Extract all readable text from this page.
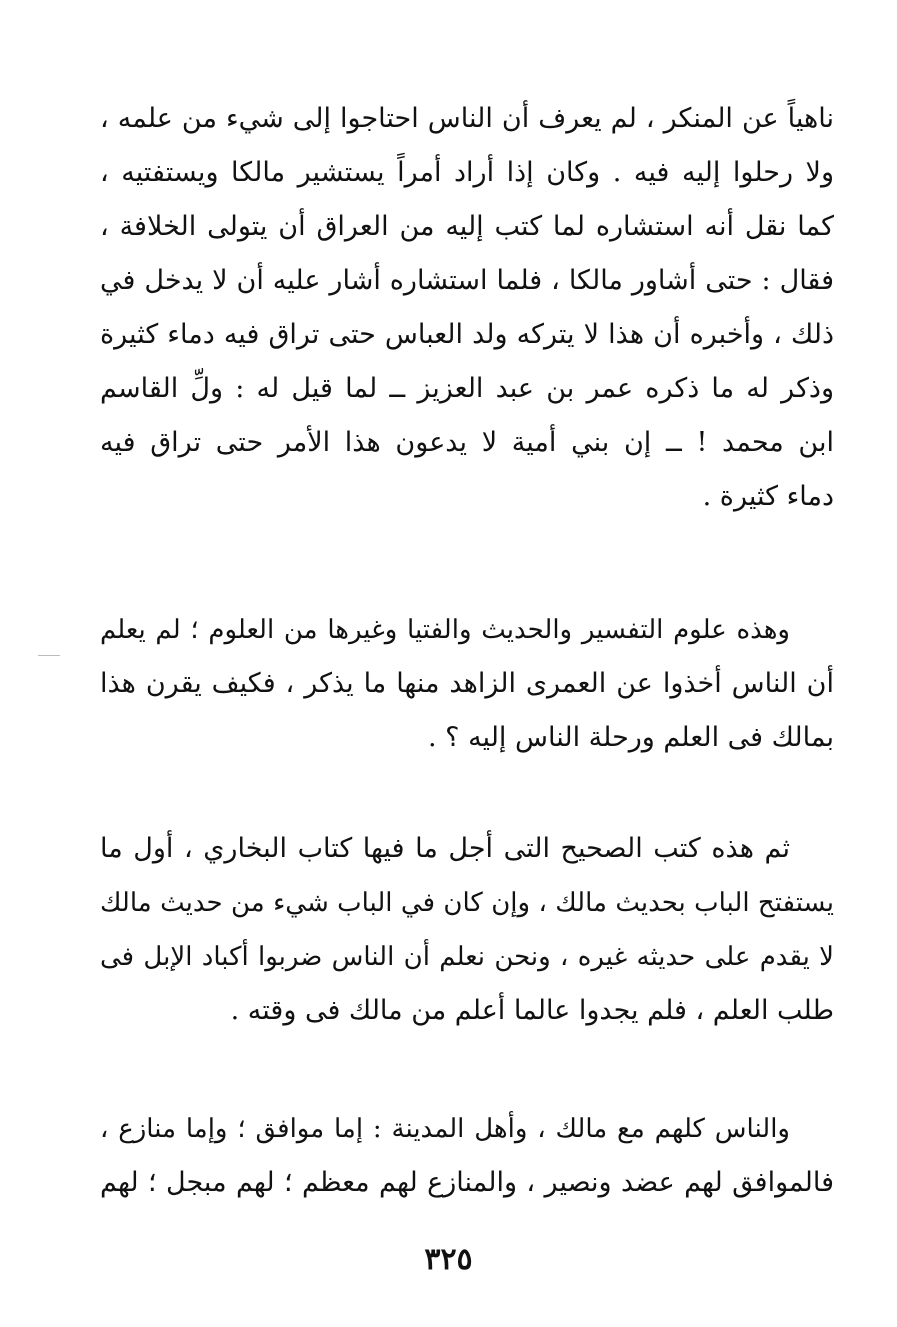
ناهياً عن المنكر ، لم يعرف أن الناس احتاجوا إلى شيء من علمه ،
ولا رحلوا إليه فيه . وكان إذا أراد أمراً يستشير مالكا ويستفتيه ،
كما نقل أنه استشاره لما كتب إليه من العراق أن يتولى الخلافة ،
فقال : حتى أشاور مالكا ، فلما استشاره أشار عليه أن لا يدخل في
ذلك ، وأخبره أن هذا لا يتركه ولد العباس حتى تراق فيه دماء كثيرة
وذكر له ما ذكره عمر بن عبد العزيز ــ لما قيل له : ولِّ القاسم
ابن محمد ! ــ إن بني أمية لا يدعون هذا الأمر حتى تراق فيه
دماء كثيرة .
وهذه علوم التفسير والحديث والفتيا وغيرها من العلوم ؛ لم يعلم
أن الناس أخذوا عن العمرى الزاهد منها ما يذكر ، فكيف يقرن هذا
بمالك فى العلم ورحلة الناس إليه ؟ .
ثم هذه كتب الصحيح التى أجل ما فيها كتاب البخاري ، أول ما
يستفتح الباب بحديث مالك ، وإن كان في الباب شيء من حديث مالك
لا يقدم على حديثه غيره ، ونحن نعلم أن الناس ضربوا أكباد الإبل فى
طلب العلم ، فلم يجدوا عالما أعلم من مالك فى وقته .
والناس كلهم مع مالك ، وأهل المدينة : إما موافق ؛ وإما منازع ،
فالموافق لهم عضد ونصير ، والمنازع لهم معظم ؛ لهم مبجل ؛ لهم
٣٢٥
